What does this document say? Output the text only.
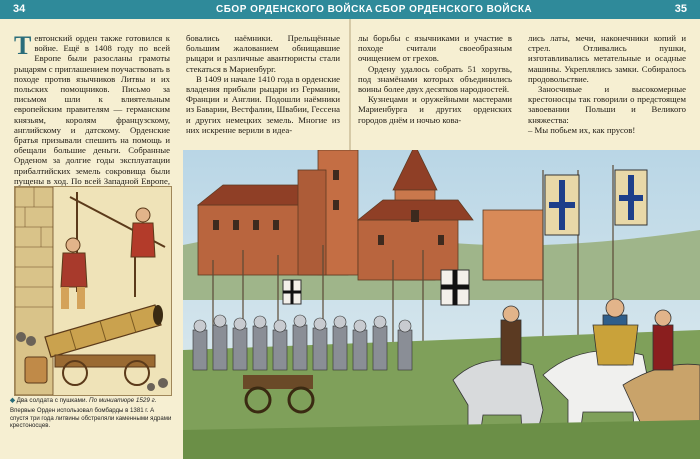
34	СБОР ОРДЕНСКОГО ВОЙСКА СБОР ОРДЕНСКОГО ВОЙСКА	35

Тевтонский орден также готовился к войне. Ещё в 1408 году по всей Европе были разосланы грамоты рыцарям с приглашением поучаствовать в походе против язычников Литвы и их польских помощников. Письмо за письмом шли к влиятельным европейским правителям — германским князьям, королям французскому, английскому и датскому. Орденские братья призывали спешить на помощь и обещали большие деньги. Собранные Орденом за долгие годы эксплуатации прибалтийских земель сокровища были пущены в ход. По всей Западной Европе,

◆ Два солдата с пушками. По миниатюре 1529 г.
Впервые Орден использовал бомбарды в 1381 г. А спустя три года литвины обстреляли каменными ядрами крестоносцев.

бовались наёмники. Прельщённые большим жалованием обнищавшие рыцари и различные авантюристы стали стекаться в Мариенбург.

В 1409 и начале 1410 года в орденские владения прибыли рыцари из Германии, Франции и Англии. Подошли наёмники из Баварии, Вестфалии, Швабии, Гессена и других немецких земель. Многие из них искренне верили в идеа-

лы борьбы с язычниками и участие в походе считали своеобразным очищением от грехов.

Ордену удалось собрать 51 хоругвь, под знамёнами которых объединились воины более двух десятков народностей.

Кузнецами и оружейными мастерами Мариенбурга и других орденских городов днём и ночью кова-

лись латы, мечи, наконечники копий и стрел. Отливались пушки, изготавливались метательные и осадные машины. Укреплялись замки. Собиралось продовольствие.

Заносчивые и высокомерные крестоносцы так говорили о предстоящем завоевании Польши и Великого княжества:

– Мы побьем их, как прусов!
